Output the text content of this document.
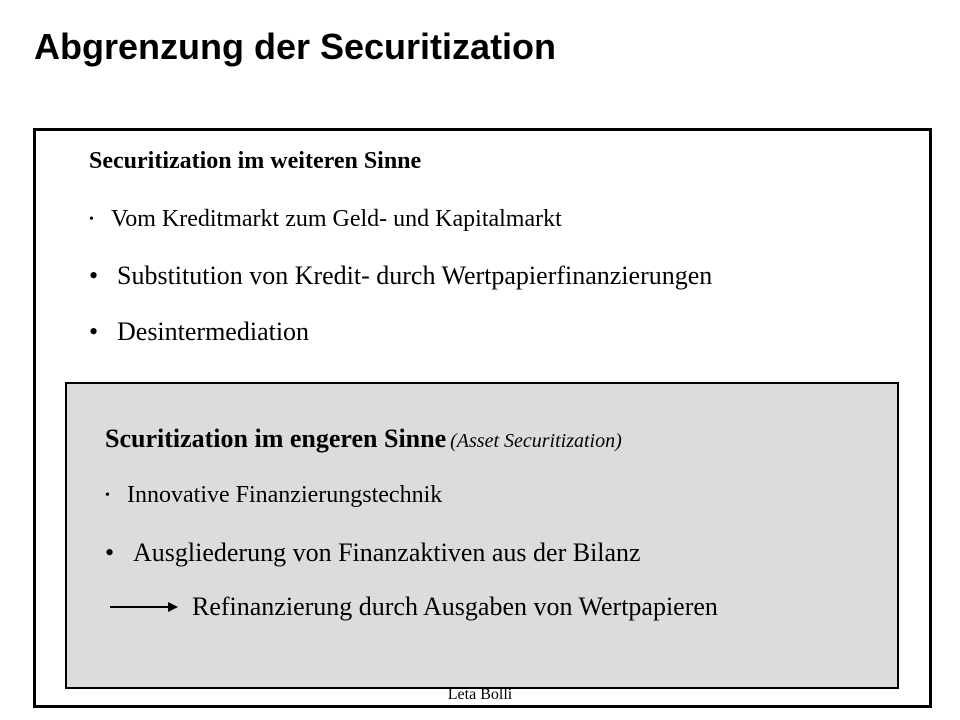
Abgrenzung der Securitization
Securitization im weiteren Sinne
• Vom Kreditmarkt zum Geld- und Kapitalmarkt
• Substitution von Kredit- durch Wertpapierfinanzierungen
• Desintermediation
Scuritization im engeren Sinne (Asset Securitization)
• Innovative Finanzierungstechnik
• Ausgliederung von Finanzaktiven aus der Bilanz
Refinanzierung durch Ausgaben von Wertpapieren
Leta Bolli
